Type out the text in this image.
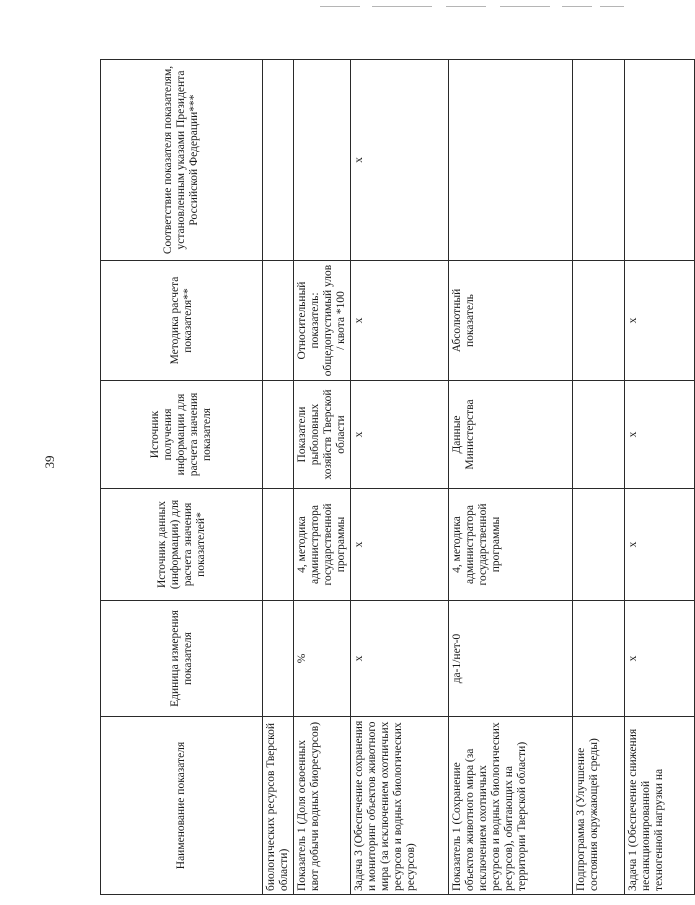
39
Наименование показателя	Единица измерения показателя	Источник данных (информации) для расчета значения показателей*	Источник получения информации для расчета значения показателя	Методика расчета показателя**	Соответствие показателя показателям, установленным указами Президента Российской Федерации***
биологических ресурсов Тверской области)					
Показатель 1 (Доля освоенных квот добычи водных биоресурсов)	%	4, методика администратора государственной программы	Показатели рыболовных хозяйств Тверской области	Относительный показатель: общедопустимый улов / квота *100	
Задача 3 (Обеспечение сохранения и мониторинг объектов животного мира (за исключением охотничьих ресурсов и водных биологических ресурсов)	х	х	х	х	х
Показатель 1 (Сохранение объектов животного мира (за исключением охотничьих ресурсов и водных биологических ресурсов), обитающих на территории Тверской области)	да-1/нет-0	4, методика администратора государственной программы	Данные Министерства	Абсолютный показатель	
Подпрограмма 3 (Улучшение состояния окружающей среды)					
Задача 1 (Обеспечение снижения несанкционированной техногенной нагрузки на	х	х	х	х	
